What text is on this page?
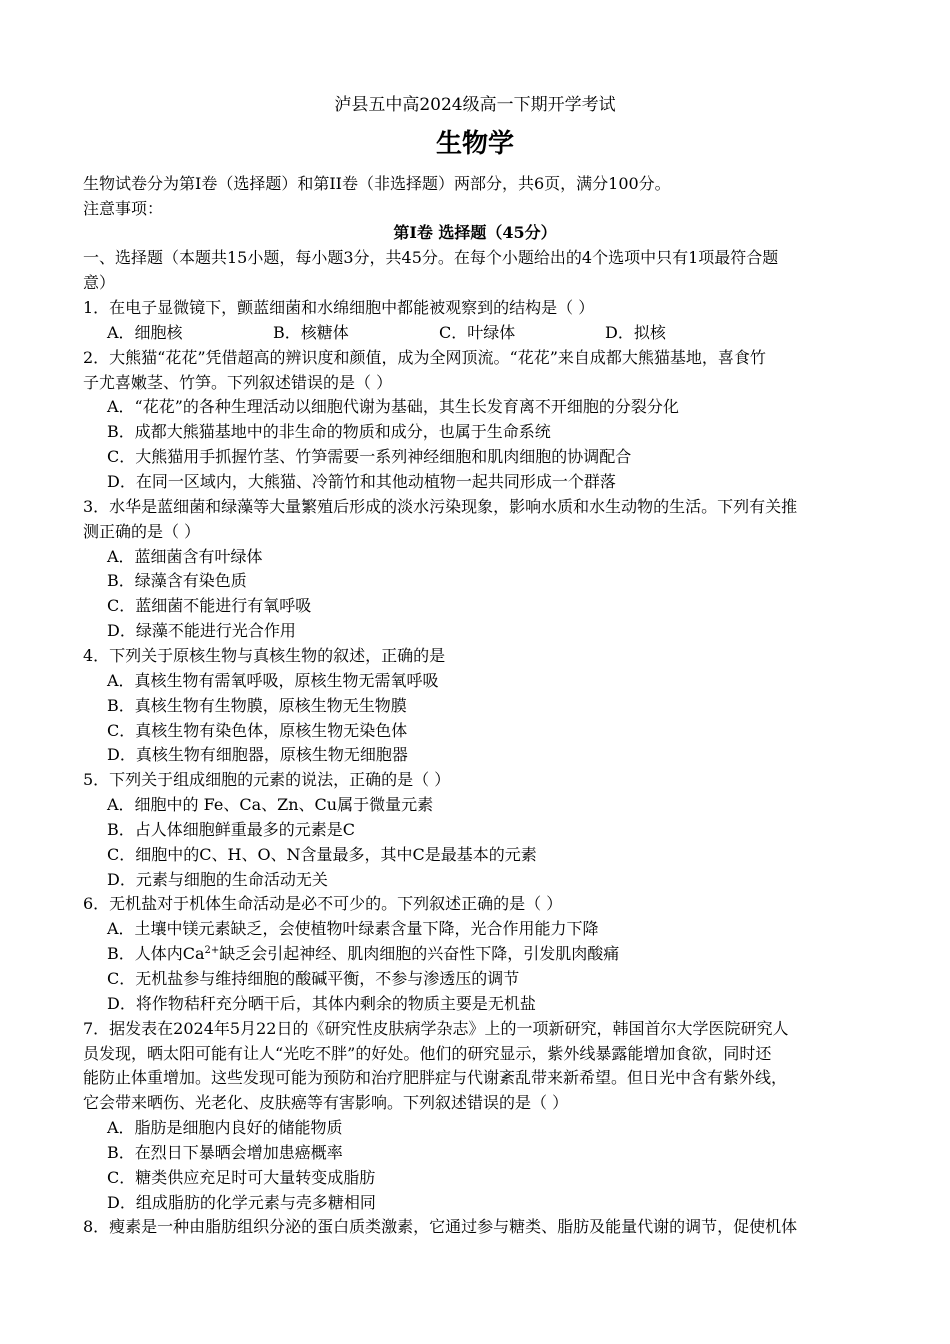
泸县五中高2024级高一下期开学考试
生物学
生物试卷分为第I卷（选择题）和第II卷（非选择题）两部分，共6页，满分100分。
注意事项：
第I卷 选择题（45分）
一、选择题（本题共15小题，每小题3分，共45分。在每个小题给出的4个选项中只有1项最符合题
意）
1．在电子显微镜下，颤蓝细菌和水绵细胞中都能被观察到的结构是（ ）
A．细胞核	B．核糖体	C．叶绿体	D．拟核
2．大熊猫“花花”凭借超高的辨识度和颜值，成为全网顶流。“花花”来自成都大熊猫基地，喜食竹
子尤喜嫩茎、竹笋。下列叙述错误的是（ ）
A．“花花”的各种生理活动以细胞代谢为基础，其生长发育离不开细胞的分裂分化
B．成都大熊猫基地中的非生命的物质和成分，也属于生命系统
C．大熊猫用手抓握竹茎、竹笋需要一系列神经细胞和肌肉细胞的协调配合
D．在同一区域内，大熊猫、冷箭竹和其他动植物一起共同形成一个群落
3．水华是蓝细菌和绿藻等大量繁殖后形成的淡水污染现象，影响水质和水生动物的生活。下列有关推
测正确的是（ ）
A．蓝细菌含有叶绿体
B．绿藻含有染色质
C．蓝细菌不能进行有氧呼吸
D．绿藻不能进行光合作用
4．下列关于原核生物与真核生物的叙述，正确的是
A．真核生物有需氧呼吸，原核生物无需氧呼吸
B．真核生物有生物膜，原核生物无生物膜
C．真核生物有染色体，原核生物无染色体
D．真核生物有细胞器，原核生物无细胞器
5．下列关于组成细胞的元素的说法，正确的是（ ）
A．细胞中的 Fe、Ca、Zn、Cu属于微量元素
B．占人体细胞鲜重最多的元素是C
C．细胞中的C、H、O、N含量最多，其中C是最基本的元素
D．元素与细胞的生命活动无关
6．无机盐对于机体生命活动是必不可少的。下列叙述正确的是（ ）
A．土壤中镁元素缺乏，会使植物叶绿素含量下降，光合作用能力下降
B．人体内$Ca^{2+}$缺乏会引起神经、肌肉细胞的兴奋性下降，引发肌肉酸痛
C．无机盐参与维持细胞的酸碱平衡，不参与渗透压的调节
D．将作物秸秆充分晒干后，其体内剩余的物质主要是无机盐
7．据发表在2024年5月22日的《研究性皮肤病学杂志》上的一项新研究，韩国首尔大学医院研究人
员发现，晒太阳可能有让人“光吃不胖”的好处。他们的研究显示，紫外线暴露能增加食欲，同时还
能防止体重增加。这些发现可能为预防和治疗肥胖症与代谢紊乱带来新希望。但日光中含有紫外线，
它会带来晒伤、光老化、皮肤癌等有害影响。下列叙述错误的是（ ）
A．脂肪是细胞内良好的储能物质
B．在烈日下暴晒会增加患癌概率
C．糖类供应充足时可大量转变成脂肪
D．组成脂肪的化学元素与壳多糖相同
8．瘦素是一种由脂肪组织分泌的蛋白质类激素，它通过参与糖类、脂肪及能量代谢的调节，促使机体
